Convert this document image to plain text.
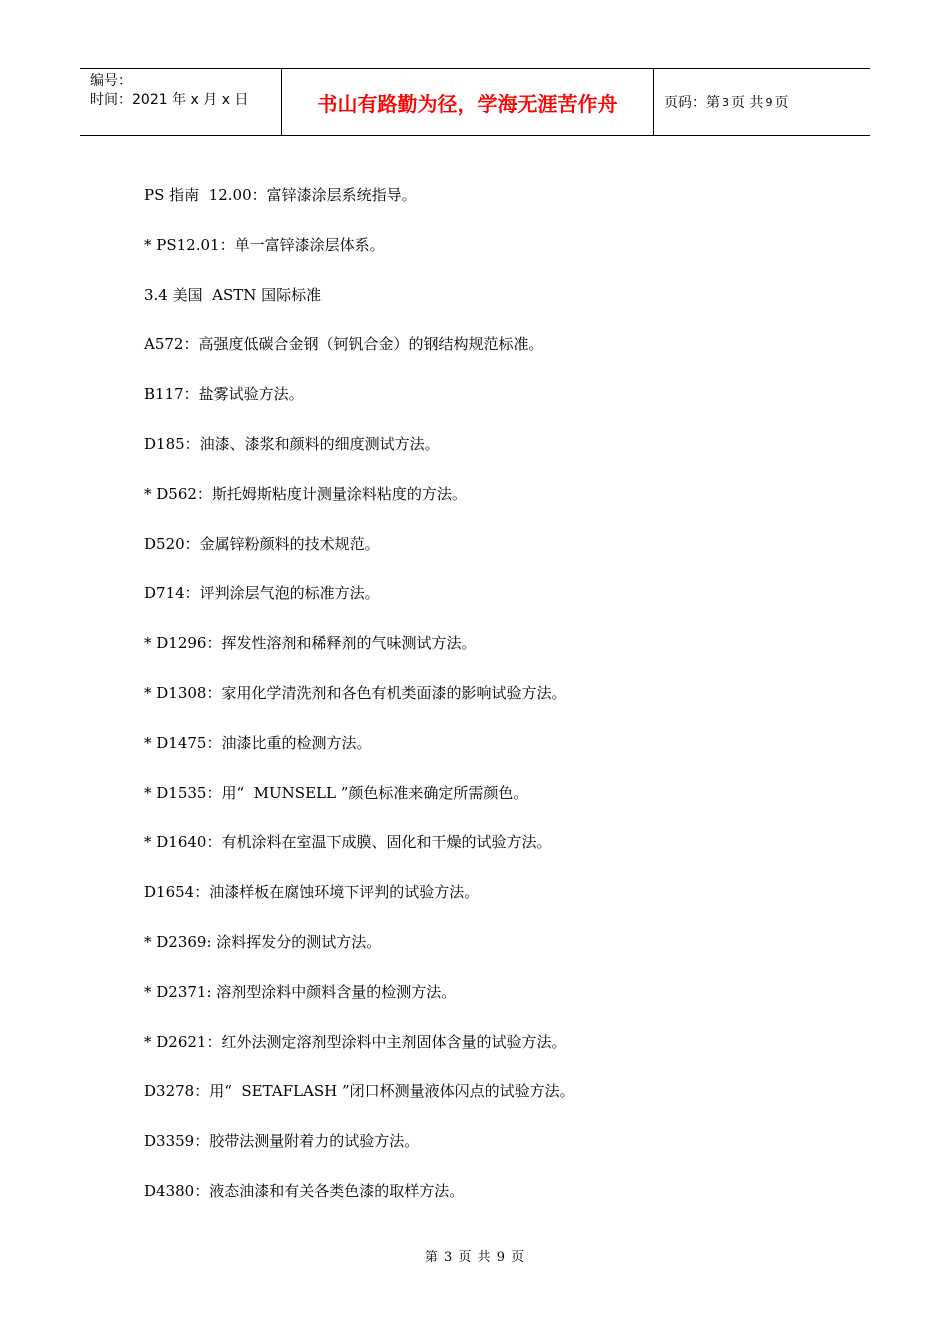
编号：
时间：2021 年 x 月 x 日	书山有路勤为径，学海无涯苦作舟	页码：第 3 页 共 9 页
PS 指南  12.00：富锌漆涂层系统指导。
* PS12.01：单一富锌漆涂层体系。
3.4 美国  ASTN 国际标准
A572：高强度低碳合金钢（钶钒合金）的钢结构规范标准。
B117：盐雾试验方法。
D185：油漆、漆浆和颜料的细度测试方法。
* D562：斯托姆斯粘度计测量涂料粘度的方法。
D520：金属锌粉颜料的技术规范。
D714：评判涂层气泡的标准方法。
* D1296：挥发性溶剂和稀释剂的气味测试方法。
* D1308：家用化学清洗剂和各色有机类面漆的影响试验方法。
* D1475：油漆比重的检测方法。
* D1535：用“  MUNSELL ”颜色标准来确定所需颜色。
* D1640：有机涂料在室温下成膜、固化和干燥的试验方法。
D1654：油漆样板在腐蚀环境下评判的试验方法。
* D2369: 涂料挥发分的测试方法。
* D2371: 溶剂型涂料中颜料含量的检测方法。
* D2621：红外法测定溶剂型涂料中主剂固体含量的试验方法。
D3278：用“  SETAFLASH ”闭口杯测量液体闪点的试验方法。
D3359：胶带法测量附着力的试验方法。
D4380：液态油漆和有关各类色漆的取样方法。
第 3 页 共 9 页
